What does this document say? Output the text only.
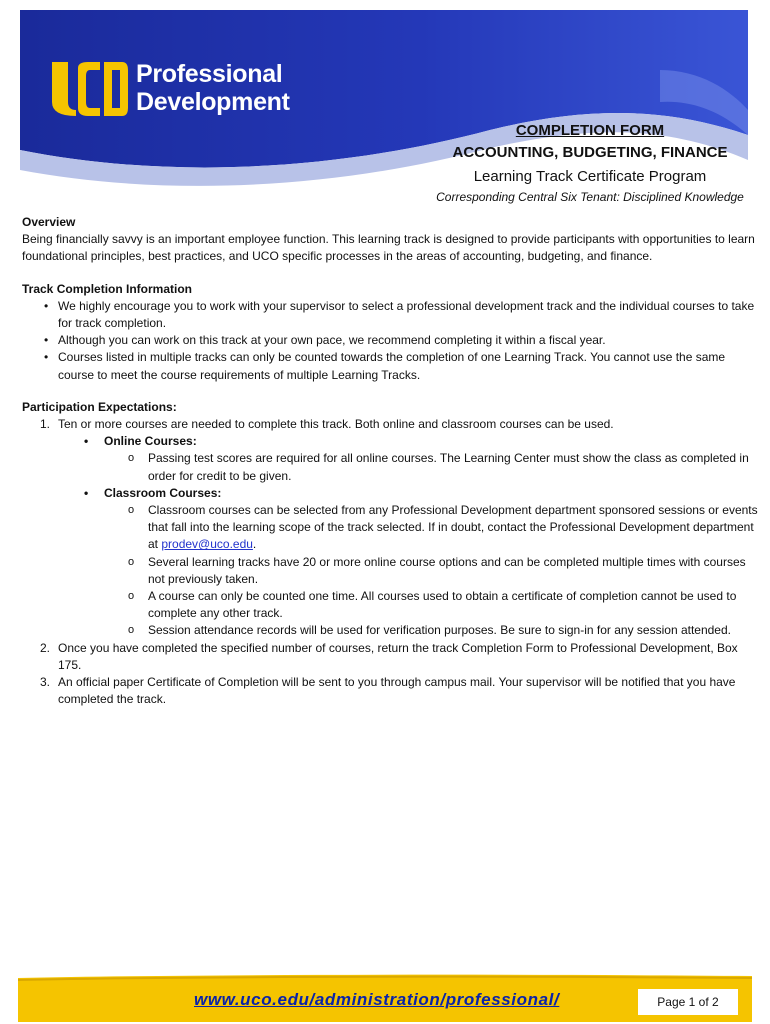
Professional
Development
COMPLETION FORM
ACCOUNTING, BUDGETING, FINANCE
Learning Track Certificate Program
Corresponding Central Six Tenant: Disciplined Knowledge
Overview
Being financially savvy is an important employee function. This learning track is designed to provide participants with opportunities to learn foundational principles, best practices, and UCO specific processes in the areas of accounting, budgeting, and finance.
Track Completion Information
• We highly encourage you to work with your supervisor to select a professional development track and the individual courses to take for track completion.
• Although you can work on this track at your own pace, we recommend completing it within a fiscal year.
• Courses listed in multiple tracks can only be counted towards the completion of one Learning Track. You cannot use the same course to meet the course requirements of multiple Learning Tracks.
Participation Expectations:
1. Ten or more courses are needed to complete this track. Both online and classroom courses can be used.
• Online Courses:
o Passing test scores are required for all online courses. The Learning Center must show the class as completed in order for credit to be given.
• Classroom Courses:
o Classroom courses can be selected from any Professional Development department sponsored sessions or events that fall into the learning scope of the track selected. If in doubt, contact the Professional Development department at prodev@uco.edu.
o Several learning tracks have 20 or more online course options and can be completed multiple times with courses not previously taken.
o A course can only be counted one time. All courses used to obtain a certificate of completion cannot be used to complete any other track.
o Session attendance records will be used for verification purposes. Be sure to sign-in for any session attended.
2. Once you have completed the specified number of courses, return the track Completion Form to Professional Development, Box 175.
3. An official paper Certificate of Completion will be sent to you through campus mail. Your supervisor will be notified that you have completed the track.
www.uco.edu/administration/professional/	Page 1 of 2
